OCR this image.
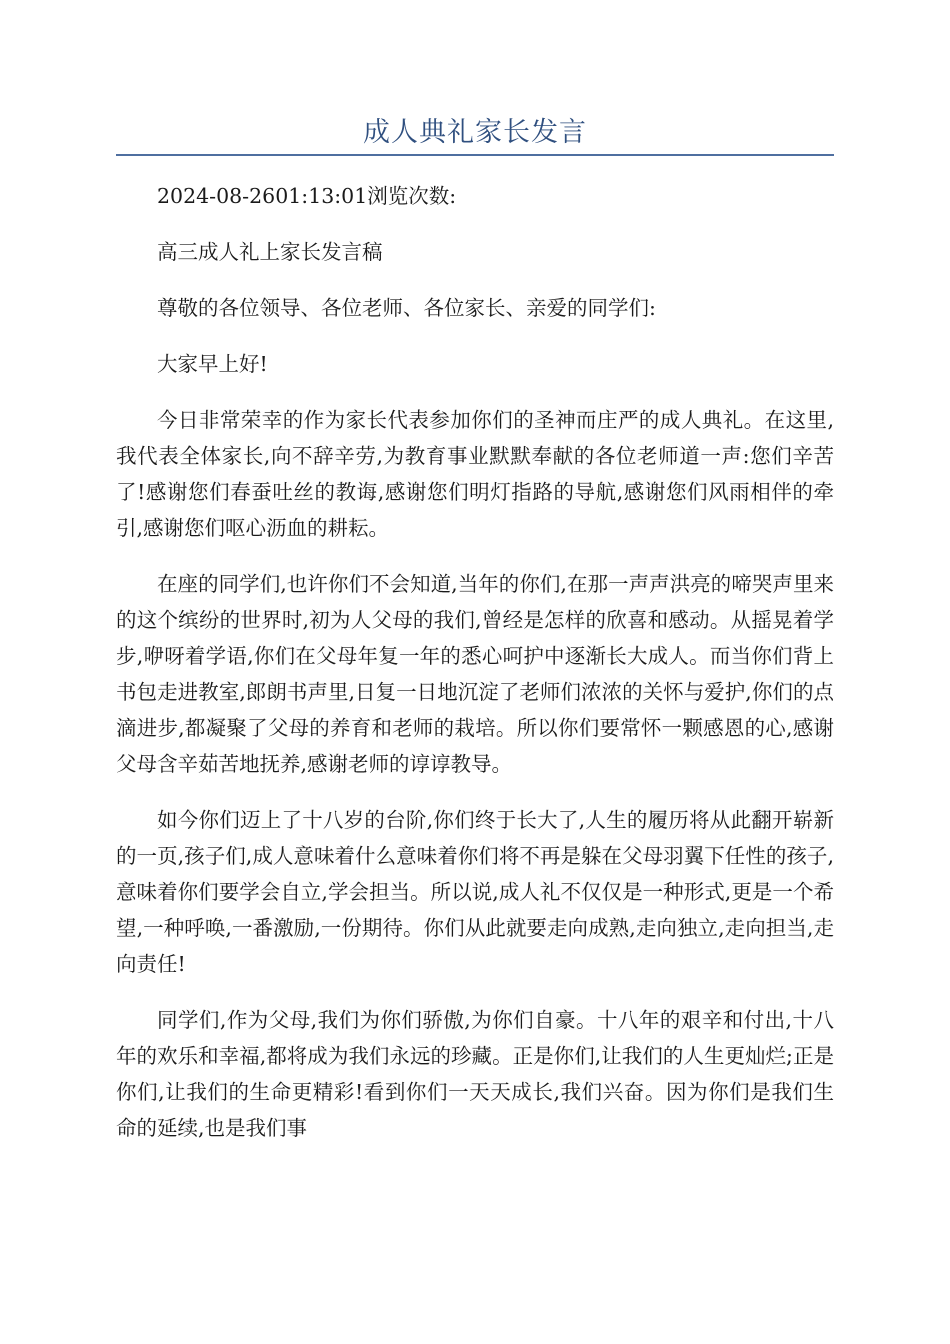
成人典礼家长发言

2024-08-2601:13:01浏览次数:

高三成人礼上家长发言稿

尊敬的各位领导、各位老师、各位家长、亲爱的同学们:

大家早上好!

今日非常荣幸的作为家长代表参加你们的圣神而庄严的成人典礼。在这里,我代表全体家长,向不辞辛劳,为教育事业默默奉献的各位老师道一声:您们辛苦了!感谢您们春蚕吐丝的教诲,感谢您们明灯指路的导航,感谢您们风雨相伴的牵引,感谢您们呕心沥血的耕耘。

在座的同学们,也许你们不会知道,当年的你们,在那一声声洪亮的啼哭声里来的这个缤纷的世界时,初为人父母的我们,曾经是怎样的欣喜和感动。从摇晃着学步,咿呀着学语,你们在父母年复一年的悉心呵护中逐渐长大成人。而当你们背上书包走进教室,郎朗书声里,日复一日地沉淀了老师们浓浓的关怀与爱护,你们的点滴进步,都凝聚了父母的养育和老师的栽培。所以你们要常怀一颗感恩的心,感谢父母含辛茹苦地抚养,感谢老师的谆谆教导。

如今你们迈上了十八岁的台阶,你们终于长大了,人生的履历将从此翻开崭新的一页,孩子们,成人意味着什么意味着你们将不再是躲在父母羽翼下任性的孩子,意味着你们要学会自立,学会担当。所以说,成人礼不仅仅是一种形式,更是一个希望,一种呼唤,一番激励,一份期待。你们从此就要走向成熟,走向独立,走向担当,走向责任!

同学们,作为父母,我们为你们骄傲,为你们自豪。十八年的艰辛和付出,十八年的欢乐和幸福,都将成为我们永远的珍藏。正是你们,让我们的人生更灿烂;正是你们,让我们的生命更精彩!看到你们一天天成长,我们兴奋。因为你们是我们生命的延续,也是我们事
